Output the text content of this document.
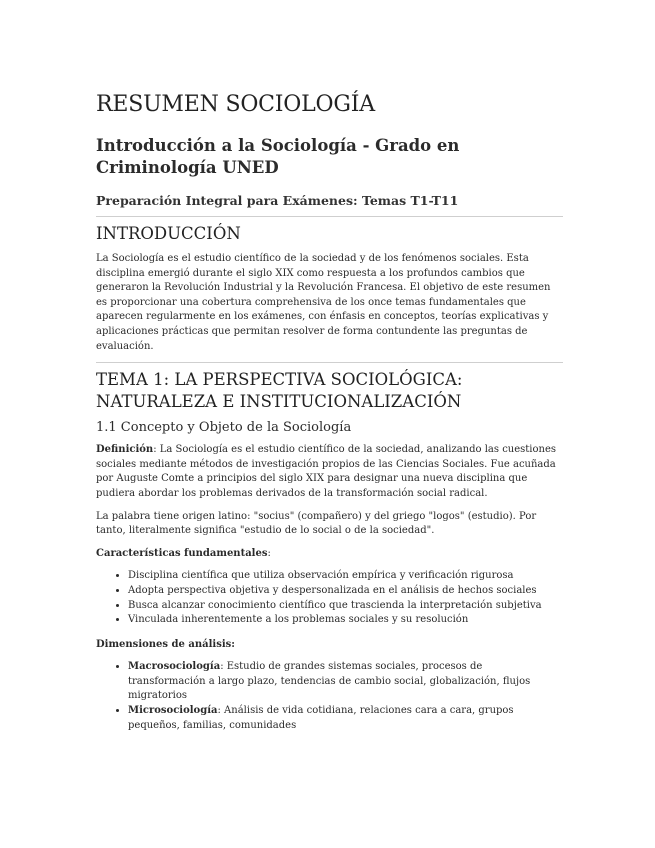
RESUMEN SOCIOLOGÍA
Introducción a la Sociología - Grado en Criminología UNED
Preparación Integral para Exámenes: Temas T1-T11
INTRODUCCIÓN

La Sociología es el estudio científico de la sociedad y de los fenómenos sociales. Esta disciplina emergió durante el siglo XIX como respuesta a los profundos cambios que generaron la Revolución Industrial y la Revolución Francesa. El objetivo de este resumen es proporcionar una cobertura comprehensiva de los once temas fundamentales que aparecen regularmente en los exámenes, con énfasis en conceptos, teorías explicativas y aplicaciones prácticas que permitan resolver de forma contundente las preguntas de evaluación.

TEMA 1: LA PERSPECTIVA SOCIOLÓGICA: NATURALEZA E INSTITUCIONALIZACIÓN
1.1 Concepto y Objeto de la Sociología

Definición: La Sociología es el estudio científico de la sociedad, analizando las cuestiones sociales mediante métodos de investigación propios de las Ciencias Sociales. Fue acuñada por Auguste Comte a principios del siglo XIX para designar una nueva disciplina que pudiera abordar los problemas derivados de la transformación social radical.

La palabra tiene origen latino: "socius" (compañero) y del griego "logos" (estudio). Por tanto, literalmente significa "estudio de lo social o de la sociedad".

Características fundamentales:

• Disciplina científica que utiliza observación empírica y verificación rigurosa
• Adopta perspectiva objetiva y despersonalizada en el análisis de hechos sociales
• Busca alcanzar conocimiento científico que trascienda la interpretación subjetiva
• Vinculada inherentemente a los problemas sociales y su resolución

Dimensiones de análisis:

• Macrosociología: Estudio de grandes sistemas sociales, procesos de transformación a largo plazo, tendencias de cambio social, globalización, flujos migratorios
• Microsociología: Análisis de vida cotidiana, relaciones cara a cara, grupos pequeños, familias, comunidades
